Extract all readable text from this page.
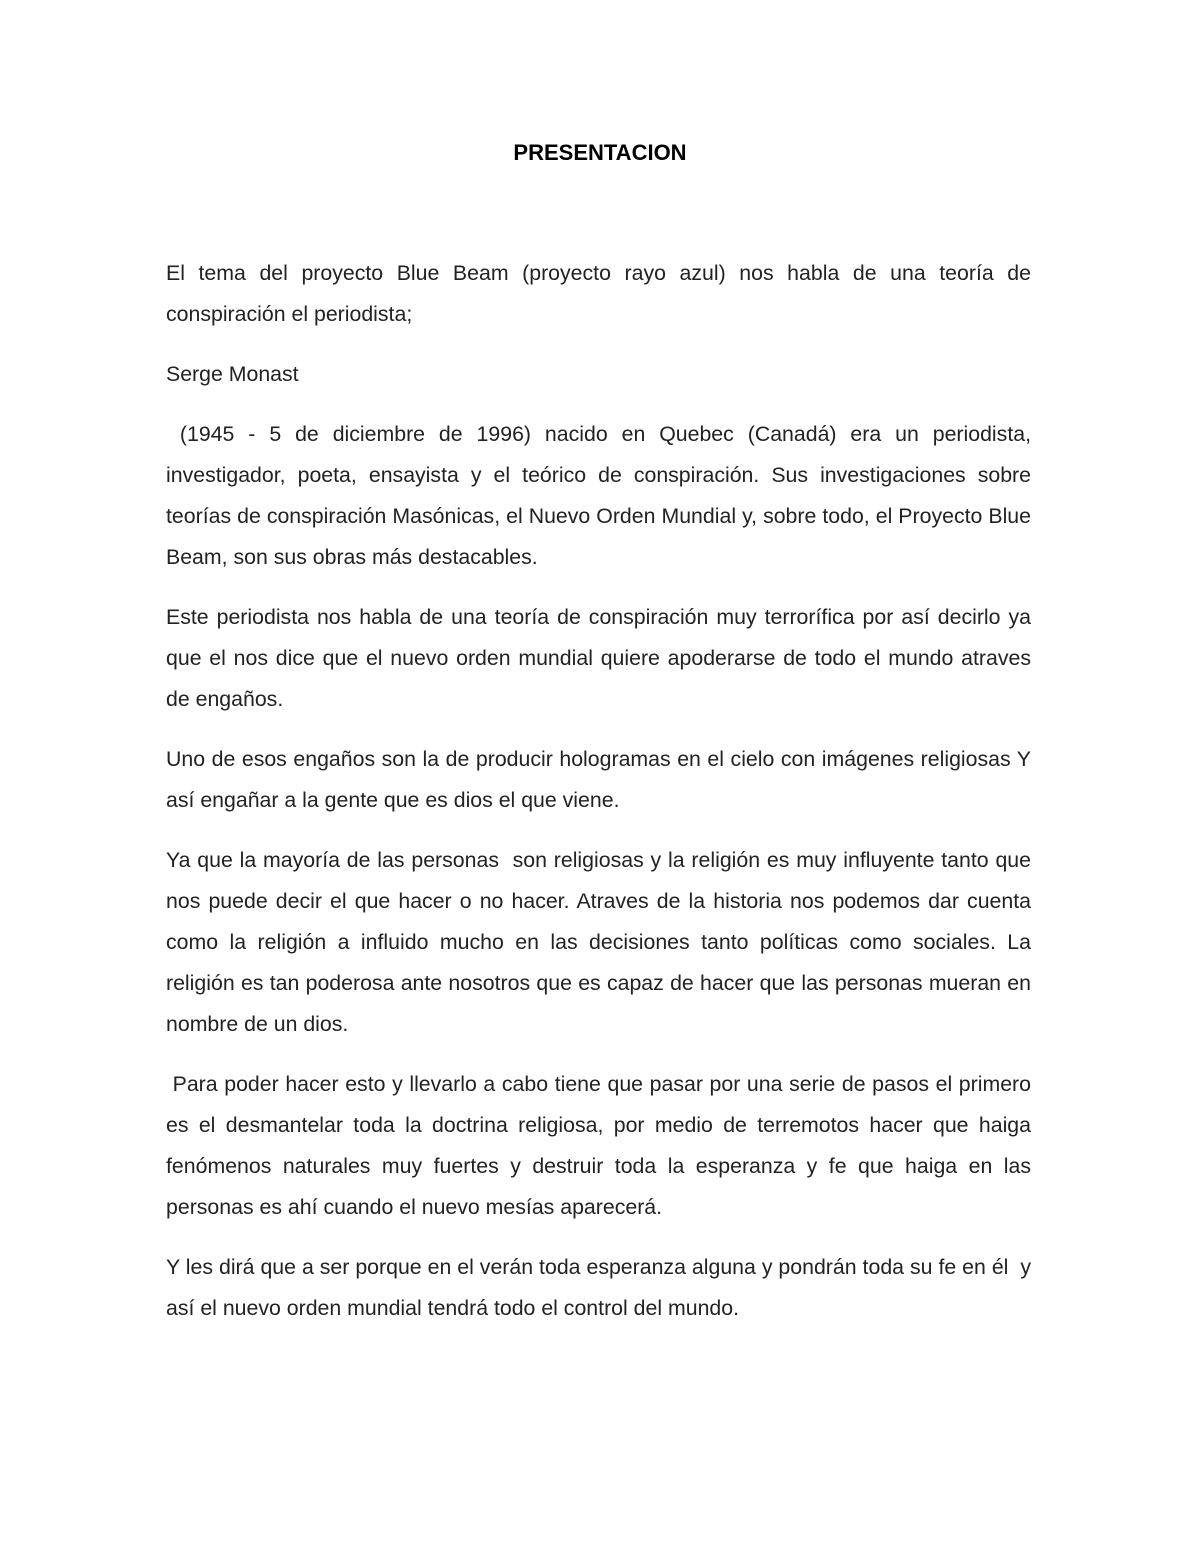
PRESENTACION

El tema del proyecto Blue Beam (proyecto rayo azul) nos habla de una teoría de conspiración el periodista;

Serge Monast

(1945 - 5 de diciembre de 1996) nacido en Quebec (Canadá) era un periodista, investigador, poeta, ensayista y el teórico de conspiración. Sus investigaciones sobre teorías de conspiración Masónicas, el Nuevo Orden Mundial y, sobre todo, el Proyecto Blue Beam, son sus obras más destacables.

Este periodista nos habla de una teoría de conspiración muy terrorífica por así decirlo ya que el nos dice que el nuevo orden mundial quiere apoderarse de todo el mundo atraves de engaños.

Uno de esos engaños son la de producir hologramas en el cielo con imágenes religiosas Y así engañar a la gente que es dios el que viene.

Ya que la mayoría de las personas  son religiosas y la religión es muy influyente tanto que nos puede decir el que hacer o no hacer. Atraves de la historia nos podemos dar cuenta como la religión a influido mucho en las decisiones tanto políticas como sociales. La religión es tan poderosa ante nosotros que es capaz de hacer que las personas mueran en nombre de un dios.

Para poder hacer esto y llevarlo a cabo tiene que pasar por una serie de pasos el primero es el desmantelar toda la doctrina religiosa, por medio de terremotos hacer que haiga fenómenos naturales muy fuertes y destruir toda la esperanza y fe que haiga en las personas es ahí cuando el nuevo mesías aparecerá.

Y les dirá que a ser porque en el verán toda esperanza alguna y pondrán toda su fe en él  y así el nuevo orden mundial tendrá todo el control del mundo.
